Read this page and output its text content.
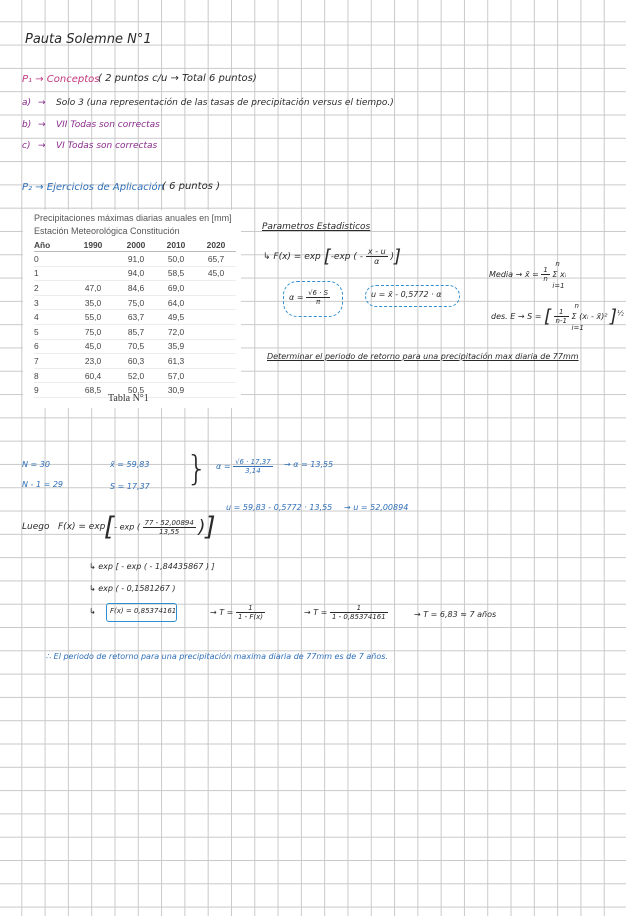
Pauta Solemne N°1
P₁ → Conceptos
( 2 puntos c/u → Total 6 puntos)
a) → Solo 3 (una representación de las tasas de precipitación versus el tiempo.)
b) → VII Todas son correctas
c) → VI Todas son correctas
P₂ → Ejercicios de Aplicación
( 6 puntos )
Precipitaciones máximas diarias anuales en [mm]
Estación Meteorológica Constitución
Año	1990	2000	2010	2020
0		91,0	50,0	65,7
1		94,0	58,5	45,0
2	47,0	84,6	69,0	
3	35,0	75,0	64,0	
4	55,0	63,7	49,5	
5	75,0	85,7	72,0	
6	45,0	70,5	35,9	
7	23,0	60,3	61,3	
8	60,4	52,0	57,0	
9	68,5	50,5	30,9	
Tabla N°1
Parametros Estadisticos
↳ F(x) = exp [-exp ( - $\frac{x - u}{\alpha}$ )]
$\alpha = \frac{√6 \cdot S}{\pi}$	u = x̄ - 0,5772 · α
Media → x̄ = $\frac{1}{n}$

n
Σ xᵢ
i=1
des. E → S = [ $\frac{1}{n-1}$

n
Σ (xᵢ - x̄)²
i=1
]$^{\frac{1}{2}}$
Determinar el periodo de retorno para una precipitación max diaria de 77mm
N = 30
N - 1 = 29
x̄ = 59,83
S = 17,37 } $\alpha = \frac{√6 \cdot 17,37}{3,14} \to \alpha = 13,55$
u = 59,83 - 0,5772 · 13,55 → u = 52,00894
Luego F(x) = exp
[- exp ( $\frac{77 - 52,00894}{13,55}$ )]
↳ exp [ - exp ( - 1,84435867 ) ]
↳ exp ( - 0,1581267 )
↳ F(x) = 0,85374161	→ $T = \frac{1}{1 - F(x)}$	→ $T = \frac{1}{1 - 0,85374161}$	→ T = 6,83 ≈ 7 años
∴ El periodo de retorno para una precipitación maxima diaria de 77mm es de 7 años.
